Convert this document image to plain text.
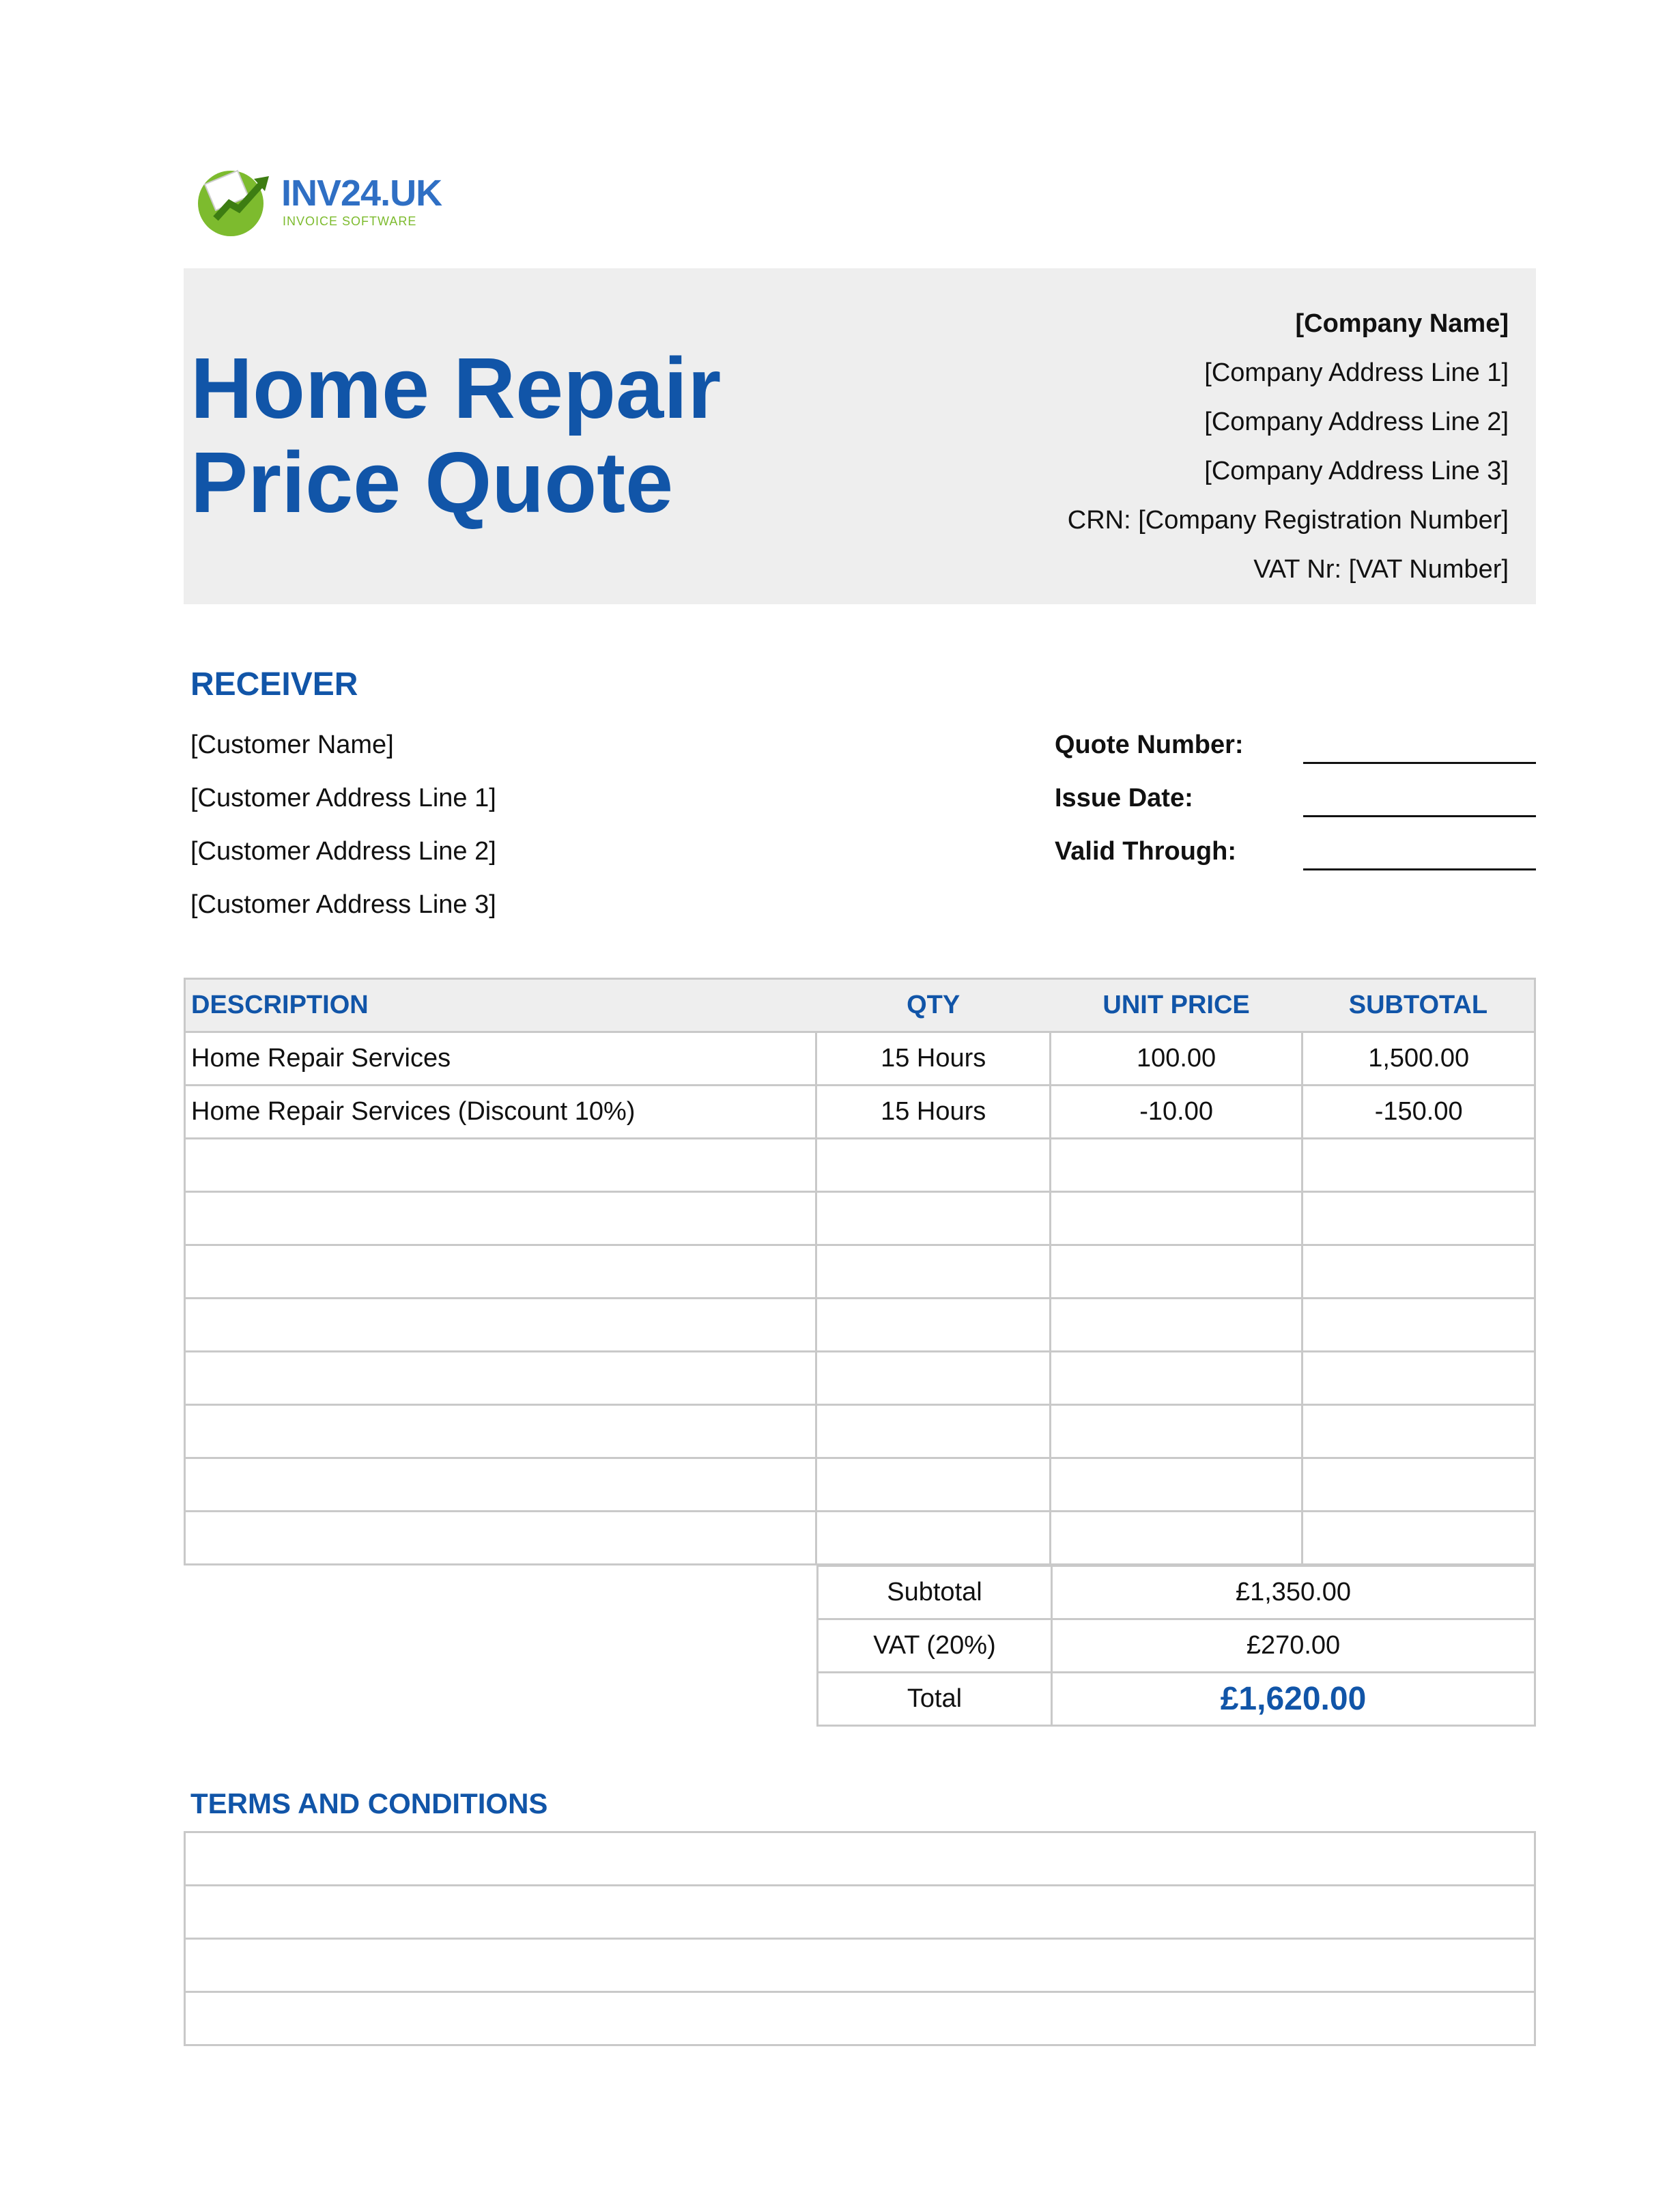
INV24.UK
INVOICE SOFTWARE
Home Repair
Price Quote
[Company Name]
[Company Address Line 1]
[Company Address Line 2]
[Company Address Line 3]
CRN: [Company Registration Number]
VAT Nr: [VAT Number]
RECEIVER
[Customer Name]
[Customer Address Line 1]
[Customer Address Line 2]
[Customer Address Line 3]
Quote Number:
Issue Date:
Valid Through:
DESCRIPTION	QTY	UNIT PRICE	SUBTOTAL
Home Repair Services	15 Hours	100.00	1,500.00
Home Repair Services (Discount 10%)	15 Hours	-10.00	-150.00

Subtotal	£1,350.00
VAT (20%)	£270.00
Total	£1,620.00
TERMS AND CONDITIONS
